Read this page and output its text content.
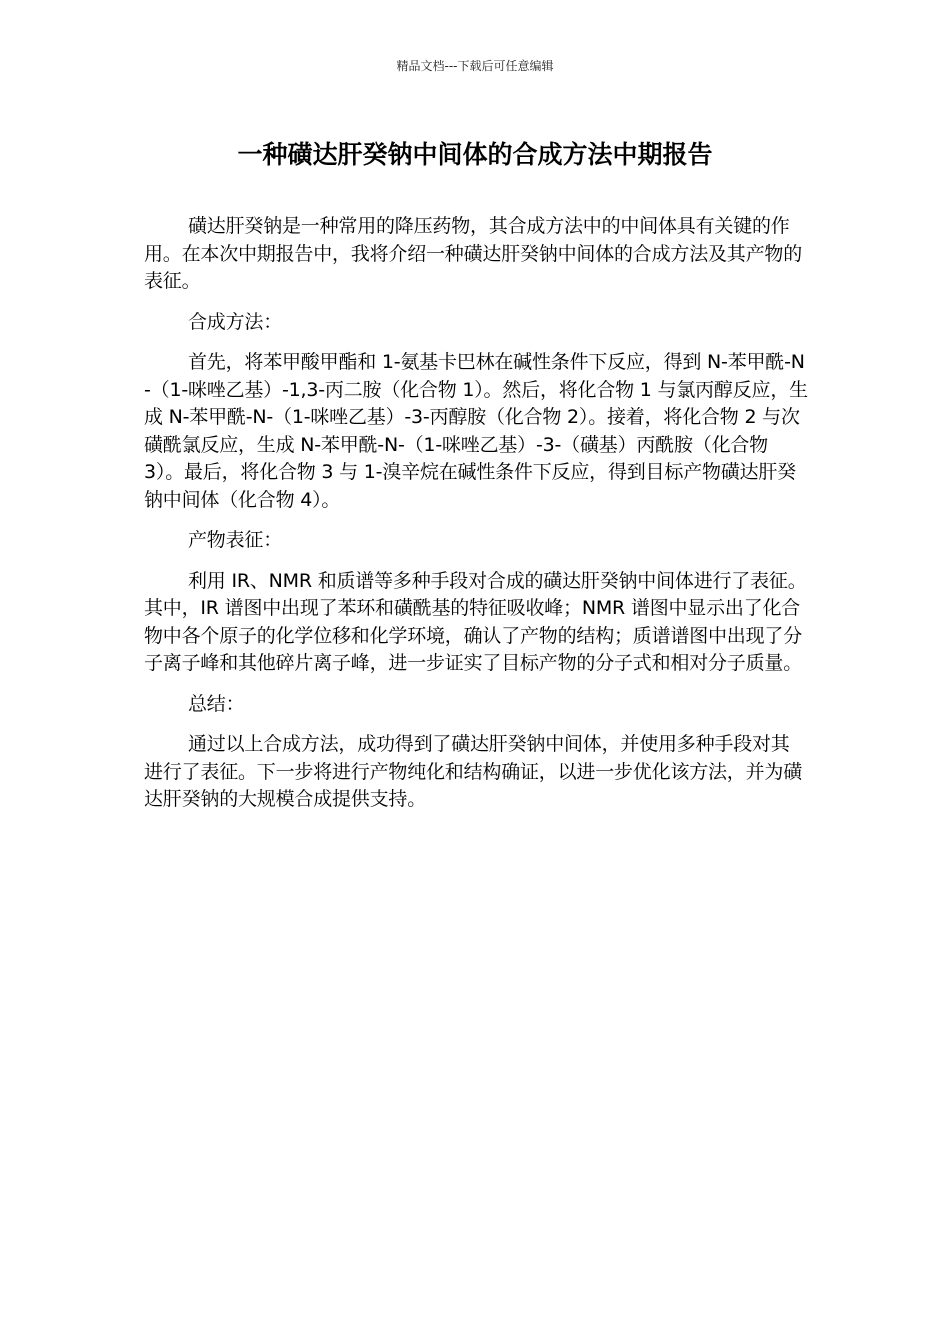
精品文档---下载后可任意编辑
一种磺达肝癸钠中间体的合成方法中期报告

磺达肝癸钠是一种常用的降压药物，其合成方法中的中间体具有关键的作用。在本次中期报告中，我将介绍一种磺达肝癸钠中间体的合成方法及其产物的表征。

合成方法：

首先，将苯甲酸甲酯和 1-氨基卡巴林在碱性条件下反应，得到 N-苯甲酰-N-（1-咪唑乙基）-1,3-丙二胺（化合物 1）。然后，将化合物 1 与氯丙醇反应，生成 N-苯甲酰-N-（1-咪唑乙基）-3-丙醇胺（化合物 2）。接着，将化合物 2 与次磺酰氯反应，生成 N-苯甲酰-N-（1-咪唑乙基）-3-（磺基）丙酰胺（化合物 3）。最后，将化合物 3 与 1-溴辛烷在碱性条件下反应，得到目标产物磺达肝癸钠中间体（化合物 4）。

产物表征：

利用 IR、NMR 和质谱等多种手段对合成的磺达肝癸钠中间体进行了表征。其中，IR 谱图中出现了苯环和磺酰基的特征吸收峰；NMR 谱图中显示出了化合物中各个原子的化学位移和化学环境，确认了产物的结构；质谱谱图中出现了分子离子峰和其他碎片离子峰，进一步证实了目标产物的分子式和相对分子质量。

总结：

通过以上合成方法，成功得到了磺达肝癸钠中间体，并使用多种手段对其进行了表征。下一步将进行产物纯化和结构确证，以进一步优化该方法，并为磺达肝癸钠的大规模合成提供支持。
